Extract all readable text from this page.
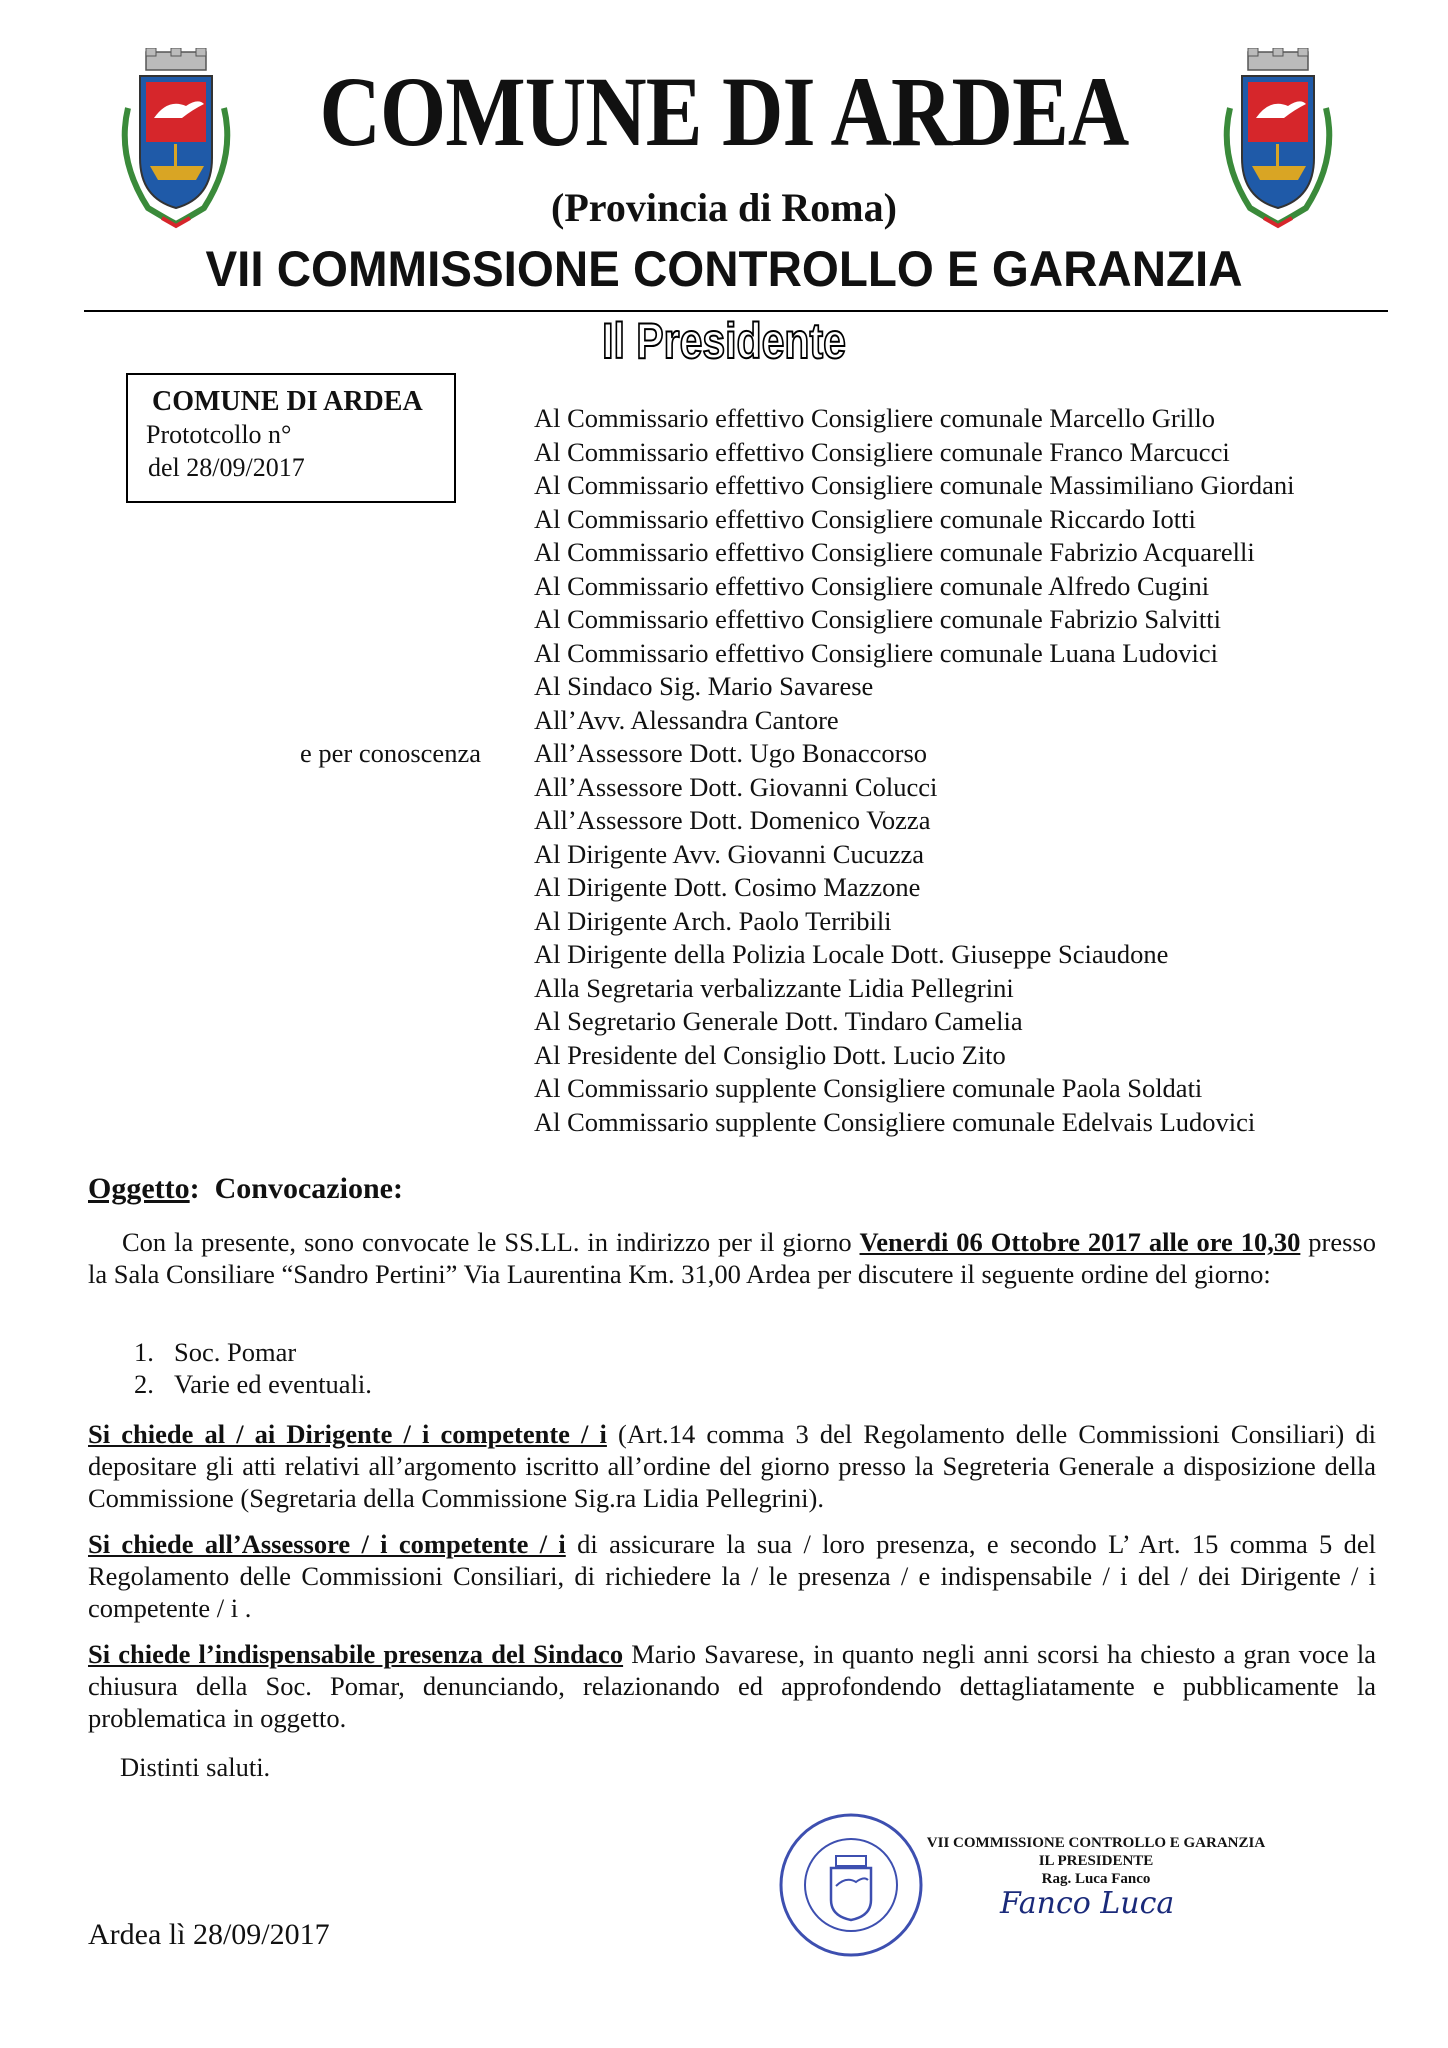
COMUNE DI ARDEA
(Provincia di Roma)
VII COMMISSIONE CONTROLLO E GARANZIA
Il Presidente
COMUNE DI ARDEA
Prototcollo n°
del 28/09/2017
Al Commissario effettivo Consigliere comunale Marcello Grillo
Al Commissario effettivo Consigliere comunale Franco Marcucci
Al Commissario effettivo Consigliere comunale Massimiliano Giordani
Al Commissario effettivo Consigliere comunale Riccardo Iotti
Al Commissario effettivo Consigliere comunale Fabrizio Acquarelli
Al Commissario effettivo Consigliere comunale Alfredo Cugini
Al Commissario effettivo Consigliere comunale Fabrizio Salvitti
Al Commissario effettivo Consigliere comunale Luana Ludovici
Al Sindaco Sig. Mario Savarese
All’Avv. Alessandra Cantore
All’Assessore Dott. Ugo Bonaccorso
All’Assessore Dott. Giovanni Colucci
All’Assessore Dott. Domenico Vozza
Al Dirigente Avv. Giovanni Cucuzza
Al Dirigente Dott. Cosimo Mazzone
Al Dirigente Arch. Paolo Terribili
Al Dirigente della Polizia Locale Dott. Giuseppe Sciaudone
Alla Segretaria verbalizzante Lidia Pellegrini
Al Segretario Generale Dott. Tindaro Camelia
Al Presidente del Consiglio Dott. Lucio Zito
Al Commissario supplente Consigliere comunale Paola Soldati
Al Commissario supplente Consigliere comunale Edelvais Ludovici
e per conoscenza
Oggetto: Convocazione:

Con la presente, sono convocate le SS.LL. in indirizzo per il giorno Venerdi 06 Ottobre 2017 alle ore 10,30 presso la Sala Consiliare “Sandro Pertini” Via Laurentina Km. 31,00 Ardea per discutere il seguente ordine del giorno:

1. Soc. Pomar
2. Varie ed eventuali.

Si chiede al / ai Dirigente / i competente / i (Art.14 comma 3 del Regolamento delle Commissioni Consiliari) di depositare gli atti relativi all’argomento iscritto all’ordine del giorno presso la Segreteria Generale a disposizione della Commissione (Segretaria della Commissione Sig.ra Lidia Pellegrini).

Si chiede all’Assessore / i competente / i di assicurare la sua / loro presenza, e secondo L’ Art. 15 comma 5 del Regolamento delle Commissioni Consiliari, di richiedere la / le presenza / e indispensabile / i del / dei Dirigente / i competente / i .

Si chiede l’indispensabile presenza del Sindaco Mario Savarese, in quanto negli anni scorsi ha chiesto a gran voce la chiusura della Soc. Pomar, denunciando, relazionando ed approfondendo dettagliatamente e pubblicamente la problematica in oggetto.

Distinti saluti.
VII COMMISSIONE CONTROLLO E GARANZIA
IL PRESIDENTE
Rag. Luca Fanco
Fanco Luca
Ardea lì 28/09/2017
